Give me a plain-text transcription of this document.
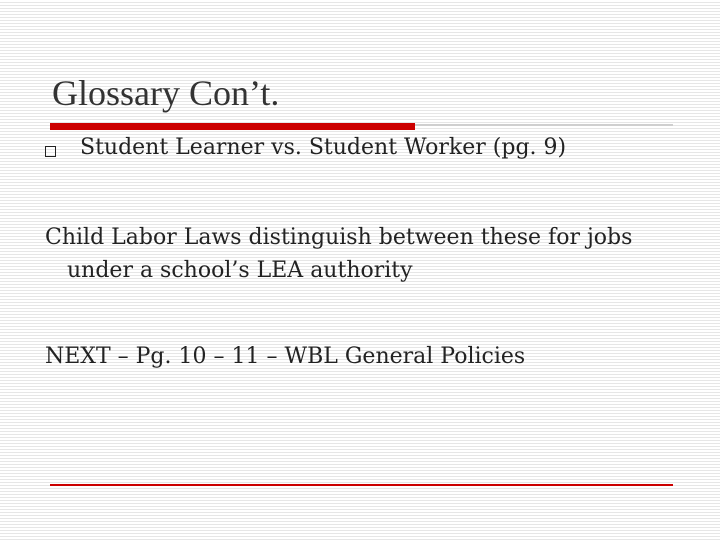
Glossary Con’t.
Student Learner vs. Student Worker (pg. 9)
Child Labor Laws distinguish between these for jobs under a school’s LEA authority
NEXT – Pg. 10 – 11 – WBL General Policies
